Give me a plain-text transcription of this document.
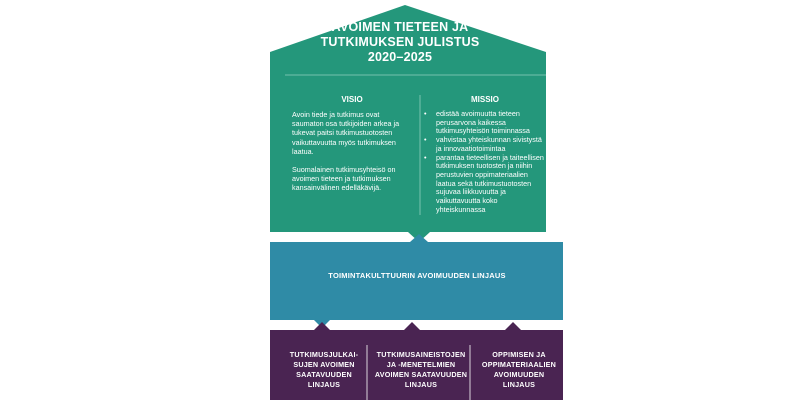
AVOIMEN TIETEEN JA
TUTKIMUKSEN JULISTUS
2020–2025
VISIO	MISSIO

Avoin tiede ja tutkimus ovat saumaton osa tutkijoiden arkea ja tukevat paitsi tutkimustuotosten vaikuttavuutta myös tutkimuksen laatua.

Suomalainen tutkimusyhteisö on avoimen tieteen ja tutkimuksen kansainvälinen edelläkävijä.

• edistää avoimuutta tieteen perusarvona kaikessa tutkimusyhteisön toiminnassa
• vahvistaa yhteiskunnan sivistystä ja innovaatiotoimintaa
• parantaa tieteellisen ja taiteellisen tutkimuksen tuotosten ja niihin perustuvien oppimateriaalien laatua sekä tutkimustuotosten sujuvaa liikkuvuutta ja vaikuttavuutta koko yhteiskunnassa
TOIMINTAKULTTUURIN AVOIMUUDEN LINJAUS
TUTKIMUSJULKAI-
SUJEN AVOIMEN
SAATAVUUDEN
LINJAUS
TUTKIMUSAINEISTOJEN
JA -MENETELMIEN
AVOIMEN SAATAVUUDEN
LINJAUS
OPPIMISEN JA
OPPIMATERIAALIEN
AVOIMUUDEN
LINJAUS
